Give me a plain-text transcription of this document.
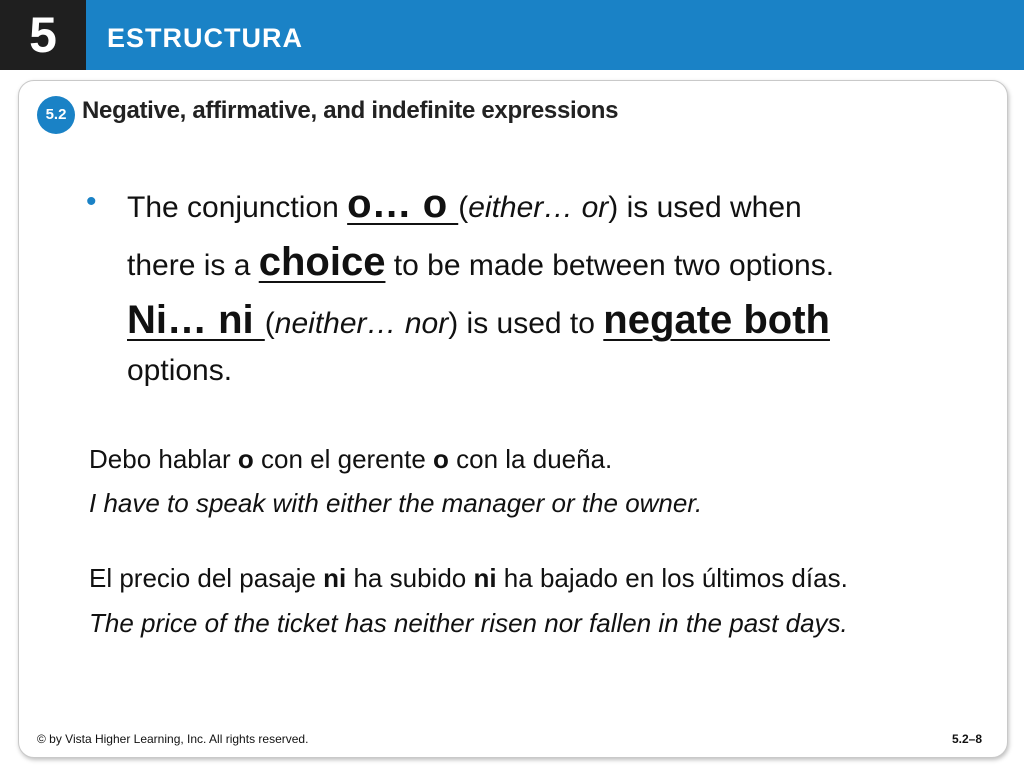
5	ESTRUCTURA
5.2 Negative, affirmative, and indefinite expressions
• The conjunction o… o (either… or) is used when
there is a choice to be made between two options.
Ni… ni (neither… nor) is used to negate both
options.
Debo hablar o con el gerente o con la dueña.
I have to speak with either the manager or the owner.
El precio del pasaje ni ha subido ni ha bajado en los últimos días.
The price of the ticket has neither risen nor fallen in the past days.
© by Vista Higher Learning, Inc. All rights reserved.	5.2–8
